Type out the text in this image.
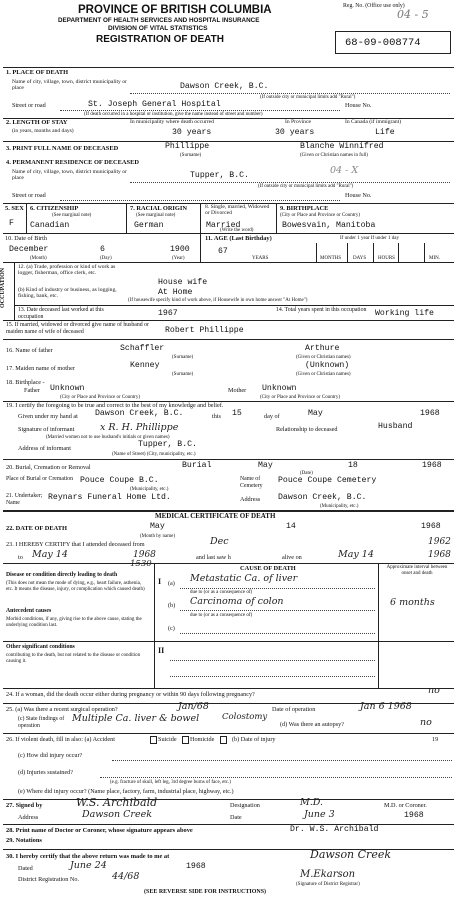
PROVINCE OF BRITISH COLUMBIA
DEPARTMENT OF HEALTH SERVICES AND HOSPITAL INSURANCE
DIVISION OF VITAL STATISTICS
REGISTRATION OF DEATH
Reg. No. (Office use only)
04 - 5
68-09-008774
1. PLACE OF DEATH
Name of city, village, town, district municipality or place	Dawson Creek, B.C.
(If outside city or municipal limits add "Rural")
Street or road	St. Joseph General Hospital	House No.
(If death occurred in a hospital or institution, give the name instead of street and number)
2. LENGTH OF STAY
(in years, months and days)
In municipality where death occurred	In Province	In Canada (if immigrant)
30 years	30 years	Life
3. PRINT FULL NAME OF DECEASED	Phillippe	Blanche Winnifred
(Surname)	(Given or Christian names in full)
4. PERMANENT RESIDENCE OF DECEASED
Name of city, village, town, district municipality or place	Tupper, B.C.	04 - X
(If outside city or municipal limits add "Rural")
Street or road	House No.
5. SEX
F
6. CITIZENSHIP
(See marginal note)
Canadian
7. RACIAL ORIGIN
(See marginal note)
German
8. Single, married, Widowed or Divorced
Married
(Write the word)
9. BIRTHPLACE
(City or Place and Province or Country)
Bowesvain, Manitoba
10. Date of Birth
December	6	1900
(Month)	(Day)	(Year)
11. AGE (Last Birthday)	If under 1 year If under 1 day
67
YEARS	MONTHS DAYS HOURS	MIN.
OCCUPATION
12. (a) Trade, profession or kind of work as logger, fisherman, office clerk, etc.
House wife
(b) Kind of industry or business, as logging, fishing, bank, etc.	At Home
(If housewife specify kind of work above, if Housewife in own home answer "At Home")
13. Date deceased last worked at this occupation	1967	14. Total years spent in this occupation	Working life
15. If married, widowed or divorced give name of husband or maiden name of wife of deceased	Robert Phillippe
16. Name of father	Schaffler	Arthure
(Surname)	(Given or Christian names)
17. Maiden name of mother	Kenney	(Unknown)
(Surname)	(Given or Christian names)
18. Birthplace -
Father Unknown	Mother Unknown
(City or Place and Province or Country)	(City or Place and Province or Country)
19. I certify the foregoing to be true and correct to the best of my knowledge and belief.
Given under my hand at Dawson Creek, B.C.	this 15	day of	May	1968
Signature of informant	x R. H. Phillippe	Relationship to deceased	Husband
(Married women not to use husband's initials or given names)
Address of informant	Tupper, B.C.
(Name of Street) (City, municipality, etc.)
20. Burial, Cremation or Removal	Burial	May	18	1968
(Date)
Place of Burial or Cremation Pouce Coupe B.C.
(Municipality, etc.)
Name of Cemetery
Pouce Coupe Cemetery
21. Undertaker; Name
Reynars Funeral Home Ltd.	Address Dawson Creek, B.C.
(Municipality, etc.)
MEDICAL CERTIFICATE OF DEATH
22. DATE OF DEATH	May	14	1968
(Month by name)
23. I HEREBY CERTIFY that I attended deceased from	Dec	1962
to May 14	1968	and last saw h	alive on	May 14	1968
1530	CAUSE OF DEATH	Approximate interval between onset and death
Disease or condition directly leading to death
(This does not mean the mode of dying, e.g., heart failure, asthenia, etc. It means the disease, injury, or complication which caused death)
I (a) Metastatic Ca. of liver
due to (or as a consequence of)
(b) Carcinoma of colon	6 months
Antecedent causes
Morbid conditions, if any, giving rise to the above cause, stating the underlying condition last.
due to (or as a consequence of)
(c)
II
Other significant conditions
contributing to the death, but not related to the disease or condition causing it.
24. If a woman, did the death occur either during pregnancy or within 90 days following pregnancy?	no
25. (a) Was there a recent surgical operation?	Jan/68	Date of operation	Jan 6 1968
(c) State findings of operation
Multiple Ca. liver & bowel	Colostomy
(d) Was there an autopsy?	no
26. If violent death, fill in also: (a) Accident	Suicide Homicide	(b) Date of injury	19
(c) How did injury occur?
(d) Injuries sustained?
(e.g. fracture of skull, left leg, 3rd degree burns of face, etc.)
(e) Where did injury occur? (Name place, factory, farm, industrial place, highway, etc.)
27. Signed by	W.S. Archibald	Designation	M.D.	M.D. or Coroner.
Address	Dawson Creek	Date	June 3	1968
28. Print name of Doctor or Coroner, whose signature appears above	Dr. W.S. Archibald
29. Notations
30. I hereby certify that the above return was made to me at	Dawson Creek
Dated	June 24	1968
District Registration No.	44/68	M.Ekarson
(Signature of District Registrar)
(SEE REVERSE SIDE FOR INSTRUCTIONS)
